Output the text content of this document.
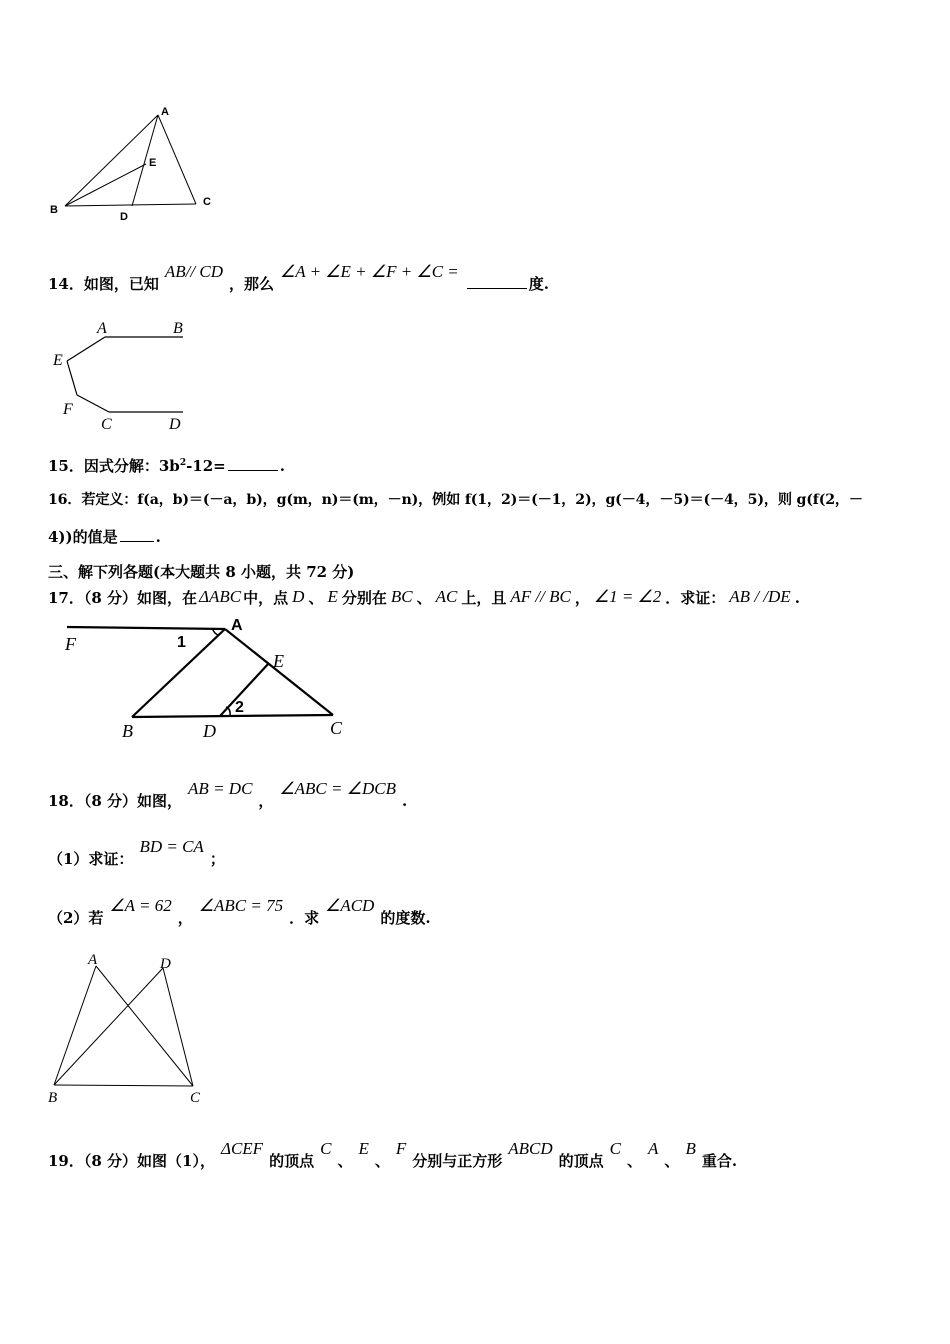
A
B
C
D
E
14．如图，已知AB// CD，那么∠A + ∠E + ∠F + ∠C =度.
A	B
E
F
C	D
15．因式分解：$3b^2-12=$	.
16．若定义：f(a，b)＝(－a，b)，g(m，n)＝(m，－n)，例如 f(1，2)＝(－1，2)，g(－4，－5)＝(－4，5)，则 g(f(2，－
4))的值是	.
三、解下列各题(本大题共 8 小题，共 72 分)
17．（8 分）如图，在 ΔABC 中，点 D 、 E 分别在 BC 、 AC 上，且 AF // BC ， ∠1 = ∠2 ．求证： AB / /DE .
F
A
1
E
2
B	D	C
18．（8 分）如图，AB = DC，∠ABC = ∠DCB.
（1）求证：BD = CA；
（2）若∠A = 62，∠ABC = 75．求∠ACD的度数.
A	D
B	C
19．（8 分）如图（1），ΔCEF的顶点C、E、F分别与正方形ABCD的顶点C、A、B重合.
